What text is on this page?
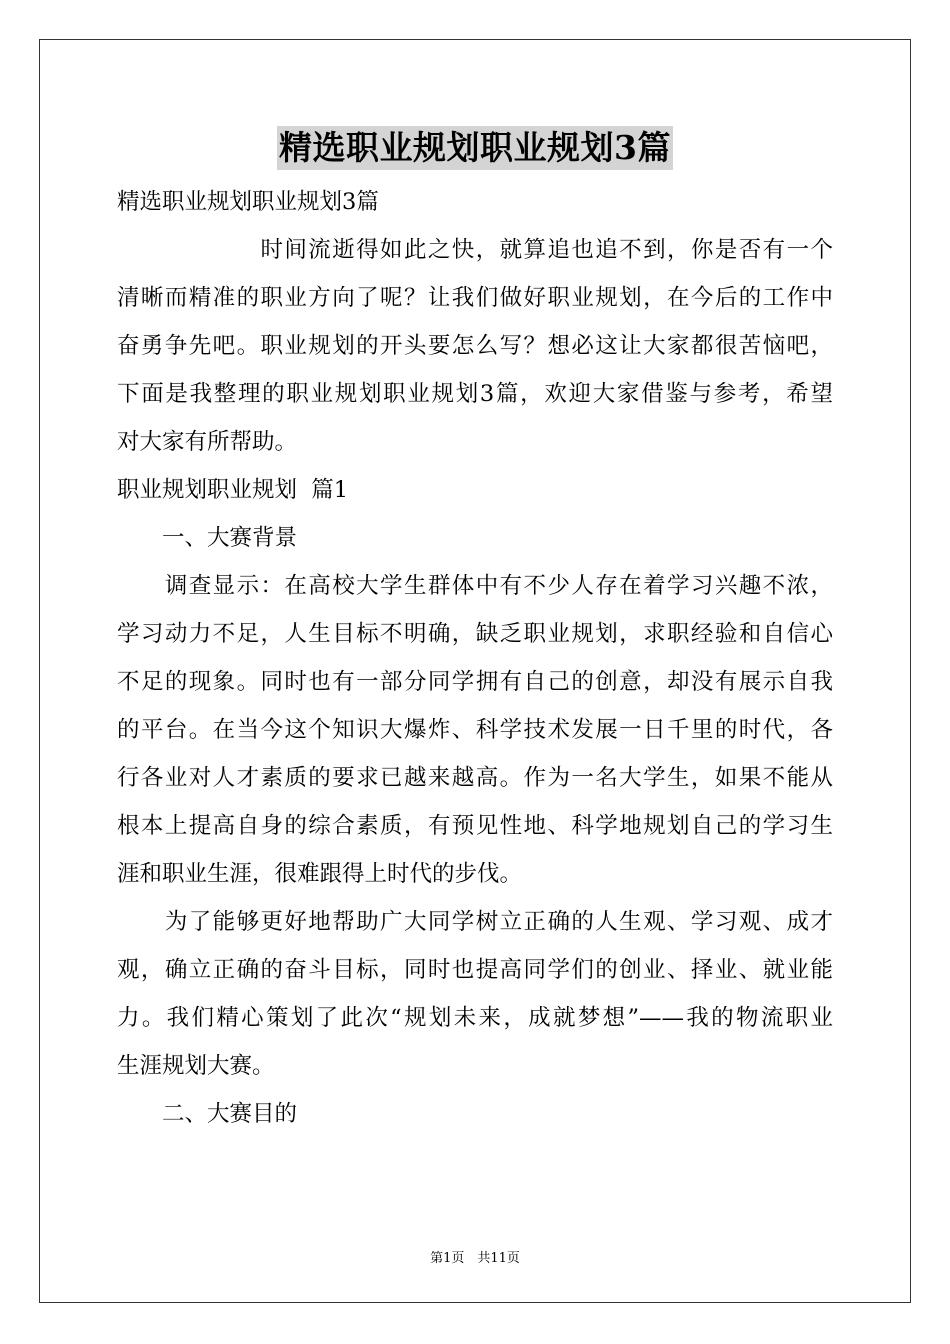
精选职业规划职业规划3篇
精选职业规划职业规划3篇
　　　　　　时间流逝得如此之快，就算追也追不到，你是否有一个
清晰而精准的职业方向了呢？让我们做好职业规划，在今后的工作中
奋勇争先吧。职业规划的开头要怎么写？想必这让大家都很苦恼吧，
下面是我整理的职业规划职业规划3篇，欢迎大家借鉴与参考，希望
对大家有所帮助。
职业规划职业规划  篇1
　　一、大赛背景
　　调查显示：在高校大学生群体中有不少人存在着学习兴趣不浓，
学习动力不足，人生目标不明确，缺乏职业规划，求职经验和自信心
不足的现象。同时也有一部分同学拥有自己的创意，却没有展示自我
的平台。在当今这个知识大爆炸、科学技术发展一日千里的时代，各
行各业对人才素质的要求已越来越高。作为一名大学生，如果不能从
根本上提高自身的综合素质，有预见性地、科学地规划自己的学习生
涯和职业生涯，很难跟得上时代的步伐。
　　为了能够更好地帮助广大同学树立正确的人生观、学习观、成才
观，确立正确的奋斗目标，同时也提高同学们的创业、择业、就业能
力。我们精心策划了此次“规划未来，成就梦想”——我的物流职业
生涯规划大赛。
　　二、大赛目的
第1页　共11页
